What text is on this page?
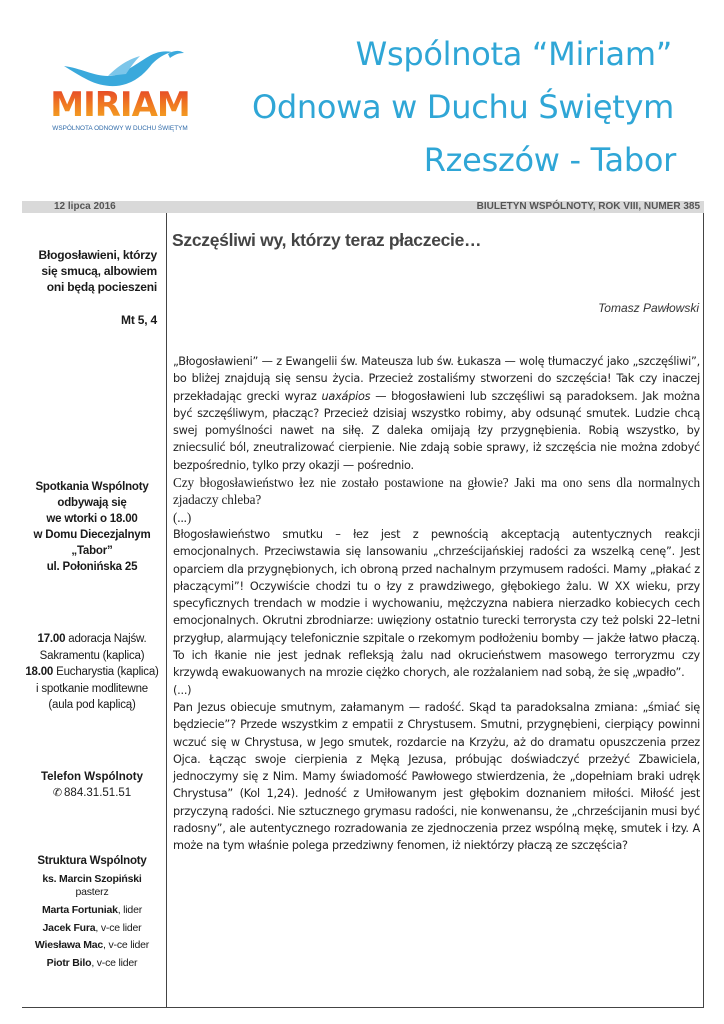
MIRIAM
WSPÓLNOTA ODNOWY W DUCHU ŚWIĘTYM
Wspólnota “Miriam”
Odnowa w Duchu Świętym
Rzeszów - Tabor
12 lipca 2016	BIULETYN WSPÓLNOTY, ROK VIII, NUMER 385
Błogosławieni, którzy
się smucą, albowiem
oni będą pocieszeni
Mt 5, 4
Spotkania Wspólnoty
odbywają się
we wtorki o 18.00
w Domu Diecezjalnym
„Tabor”
ul. Połonińska 25
17.00 adoracja Najśw.
Sakramentu (kaplica)
18.00 Eucharystia (kaplica)
i spotkanie modlitewne
(aula pod kaplicą)
Telefon Wspólnoty
✆ 884.31.51.51
Struktura Wspólnoty
ks. Marcin Szopiński
pasterz
Marta Fortuniak, lider
Jacek Fura, v-ce lider
Wiesława Mac, v-ce lider
Piotr Bilo, v-ce lider
Szczęśliwi wy, którzy teraz płaczecie…
Tomasz Pawłowski

„Błogosławieni” — z Ewangelii św. Mateusza lub św. Łukasza — wolę tłumaczyć jako „szczęśliwi”, bo bliżej znajdują się sensu życia. Przecież zostaliśmy stworzeni do szczęścia! Tak czy inaczej przekładając grecki wyraz uaxápios — błogosławieni lub szczęśliwi są paradoksem. Jak można być szczęśliwym, płacząc? Przecież dzisiaj wszystko robimy, aby odsunąć smutek. Ludzie chcą swej pomyślności nawet na siłę. Z daleka omijają łzy przygnębienia. Robią wszystko, by zniecsulić ból, zneutralizować cierpienie. Nie zdają sobie sprawy, iż szczęścia nie można zdobyć bezpośrednio, tylko przy okazji — pośrednio.

Czy błogosławieństwo łez nie zostało postawione na głowie? Jaki ma ono sens dla normalnych zjadaczy chleba?

(...)

Błogosławieństwo smutku – łez jest z pewnością akceptacją autentycznych reakcji emocjonalnych. Przeciwstawia się lansowaniu „chrześcijańskiej radości za wszelką cenę”. Jest oparciem dla przygnębionych, ich obroną przed nachalnym przymusem radości. Mamy „płakać z płaczącymi”! Oczywiście chodzi tu o łzy z prawdziwego, głębokiego żalu. W XX wieku, przy specyficznych trendach w modzie i wychowaniu, mężczyzna nabiera nierzadko kobiecych cech emocjonalnych. Okrutni zbrodniarze: uwięziony ostatnio turecki terrorysta czy też polski 22–letni przygłup, alarmujący telefonicznie szpitale o rzekomym podłożeniu bomby — jakże łatwo płaczą. To ich łkanie nie jest jednak refleksją żalu nad okrucieństwem masowego terroryzmu czy krzywdą ewakuowanych na mrozie ciężko chorych, ale rozżalaniem nad sobą, że się „wpadło”.

(...)

Pan Jezus obiecuje smutnym, załamanym — radość. Skąd ta paradoksalna zmiana: „śmiać się będziecie”? Przede wszystkim z empatii z Chrystusem. Smutni, przygnębieni, cierpiący powinni wczuć się w Chrystusa, w Jego smutek, rozdarcie na Krzyżu, aż do dramatu opuszczenia przez Ojca. Łącząc swoje cierpienia z Męką Jezusa, próbując doświadczyć przeżyć Zbawiciela, jednoczymy się z Nim. Mamy świadomość Pawłowego stwierdzenia, że „dopełniam braki udręk Chrystusa” (Kol 1,24). Jedność z Umiłowanym jest głębokim doznaniem miłości. Miłość jest przyczyną radości. Nie sztucznego grymasu radości, nie konwenansu, że „chrześcijanin musi być radosny”, ale autentycznego rozradowania ze zjednoczenia przez wspólną mękę, smutek i łzy. A może na tym właśnie polega przedziwny fenomen, iż niektórzy płaczą ze szczęścia?
